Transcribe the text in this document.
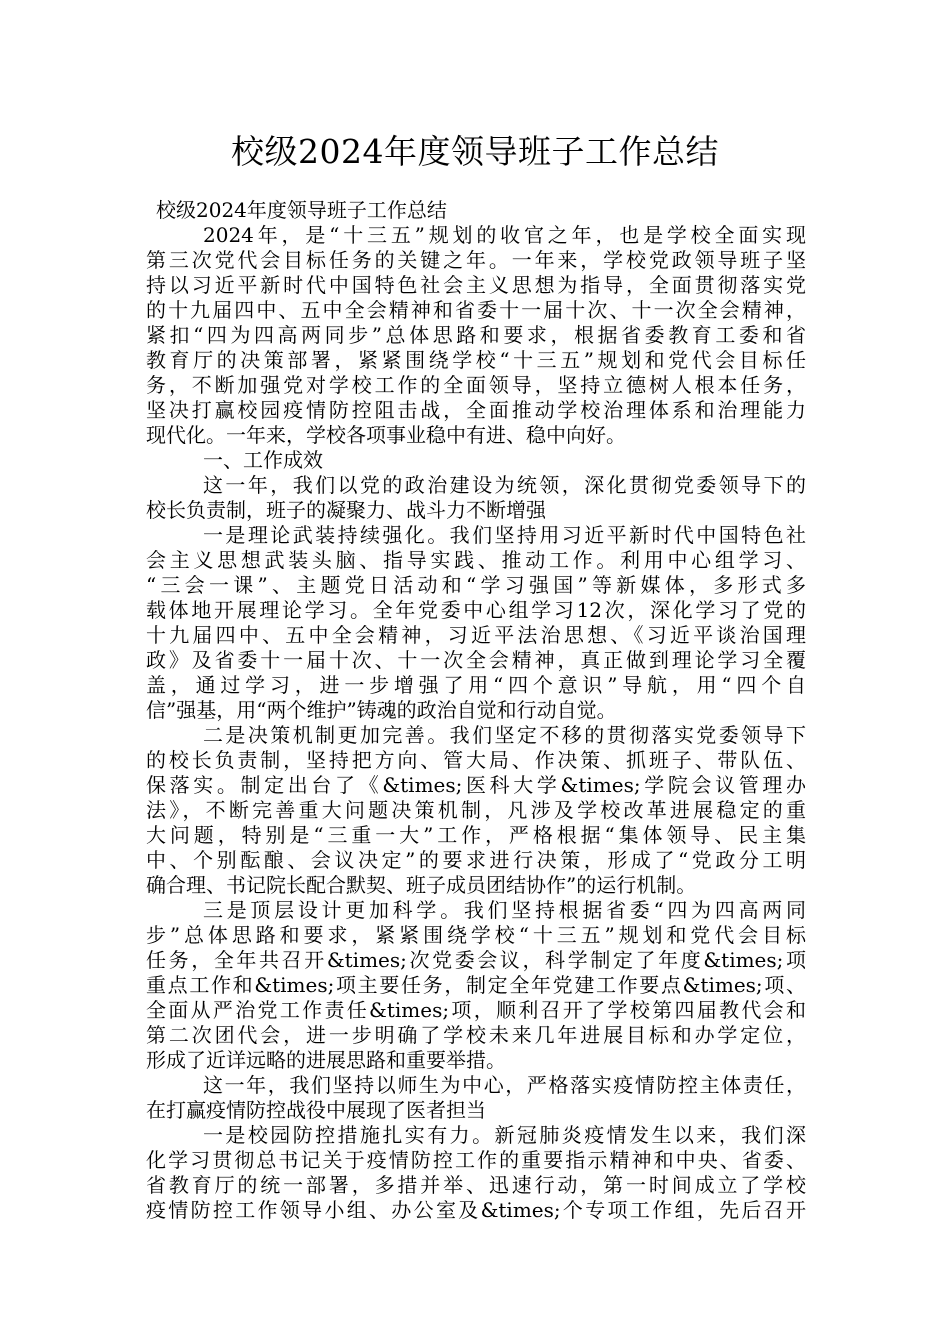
校级2024年度领导班子工作总结
校级2024年度领导班子工作总结
2024年，是“十三五”规划的收官之年，也是学校全面实现
第三次党代会目标任务的关键之年。一年来，学校党政领导班子坚
持以习近平新时代中国特色社会主义思想为指导，全面贯彻落实党
的十九届四中、五中全会精神和省委十一届十次、十一次全会精神，
紧扣“四为四高两同步”总体思路和要求，根据省委教育工委和省
教育厅的决策部署，紧紧围绕学校“十三五”规划和党代会目标任
务，不断加强党对学校工作的全面领导，坚持立德树人根本任务，
坚决打赢校园疫情防控阻击战，全面推动学校治理体系和治理能力
现代化。一年来，学校各项事业稳中有进、稳中向好。
一、工作成效
这一年，我们以党的政治建设为统领，深化贯彻党委领导下的
校长负责制，班子的凝聚力、战斗力不断增强
一是理论武装持续强化。我们坚持用习近平新时代中国特色社
会主义思想武装头脑、指导实践、推动工作。利用中心组学习、
“三会一课”、主题党日活动和“学习强国”等新媒体，多形式多
载体地开展理论学习。全年党委中心组学习12次，深化学习了党的
十九届四中、五中全会精神，习近平法治思想、《习近平谈治国理
政》及省委十一届十次、十一次全会精神，真正做到理论学习全覆
盖，通过学习，进一步增强了用“四个意识”导航，用“四个自
信”强基，用“两个维护”铸魂的政治自觉和行动自觉。
二是决策机制更加完善。我们坚定不移的贯彻落实党委领导下
的校长负责制，坚持把方向、管大局、作决策、抓班子、带队伍、
保落实。制定出台了《&times;医科大学&times;学院会议管理办
法》，不断完善重大问题决策机制，凡涉及学校改革进展稳定的重
大问题，特别是“三重一大”工作，严格根据“集体领导、民主集
中、个别酝酿、会议决定”的要求进行决策，形成了“党政分工明
确合理、书记院长配合默契、班子成员团结协作”的运行机制。
三是顶层设计更加科学。我们坚持根据省委“四为四高两同
步”总体思路和要求，紧紧围绕学校“十三五”规划和党代会目标
任务，全年共召开&times;次党委会议，科学制定了年度&times;项
重点工作和&times;项主要任务，制定全年党建工作要点&times;项、
全面从严治党工作责任&times;项，顺利召开了学校第四届教代会和
第二次团代会，进一步明确了学校未来几年进展目标和办学定位，
形成了近详远略的进展思路和重要举措。
这一年，我们坚持以师生为中心，严格落实疫情防控主体责任，
在打赢疫情防控战役中展现了医者担当
一是校园防控措施扎实有力。新冠肺炎疫情发生以来，我们深
化学习贯彻总书记关于疫情防控工作的重要指示精神和中央、省委、
省教育厅的统一部署，多措并举、迅速行动，第一时间成立了学校
疫情防控工作领导小组、办公室及&times;个专项工作组，先后召开
